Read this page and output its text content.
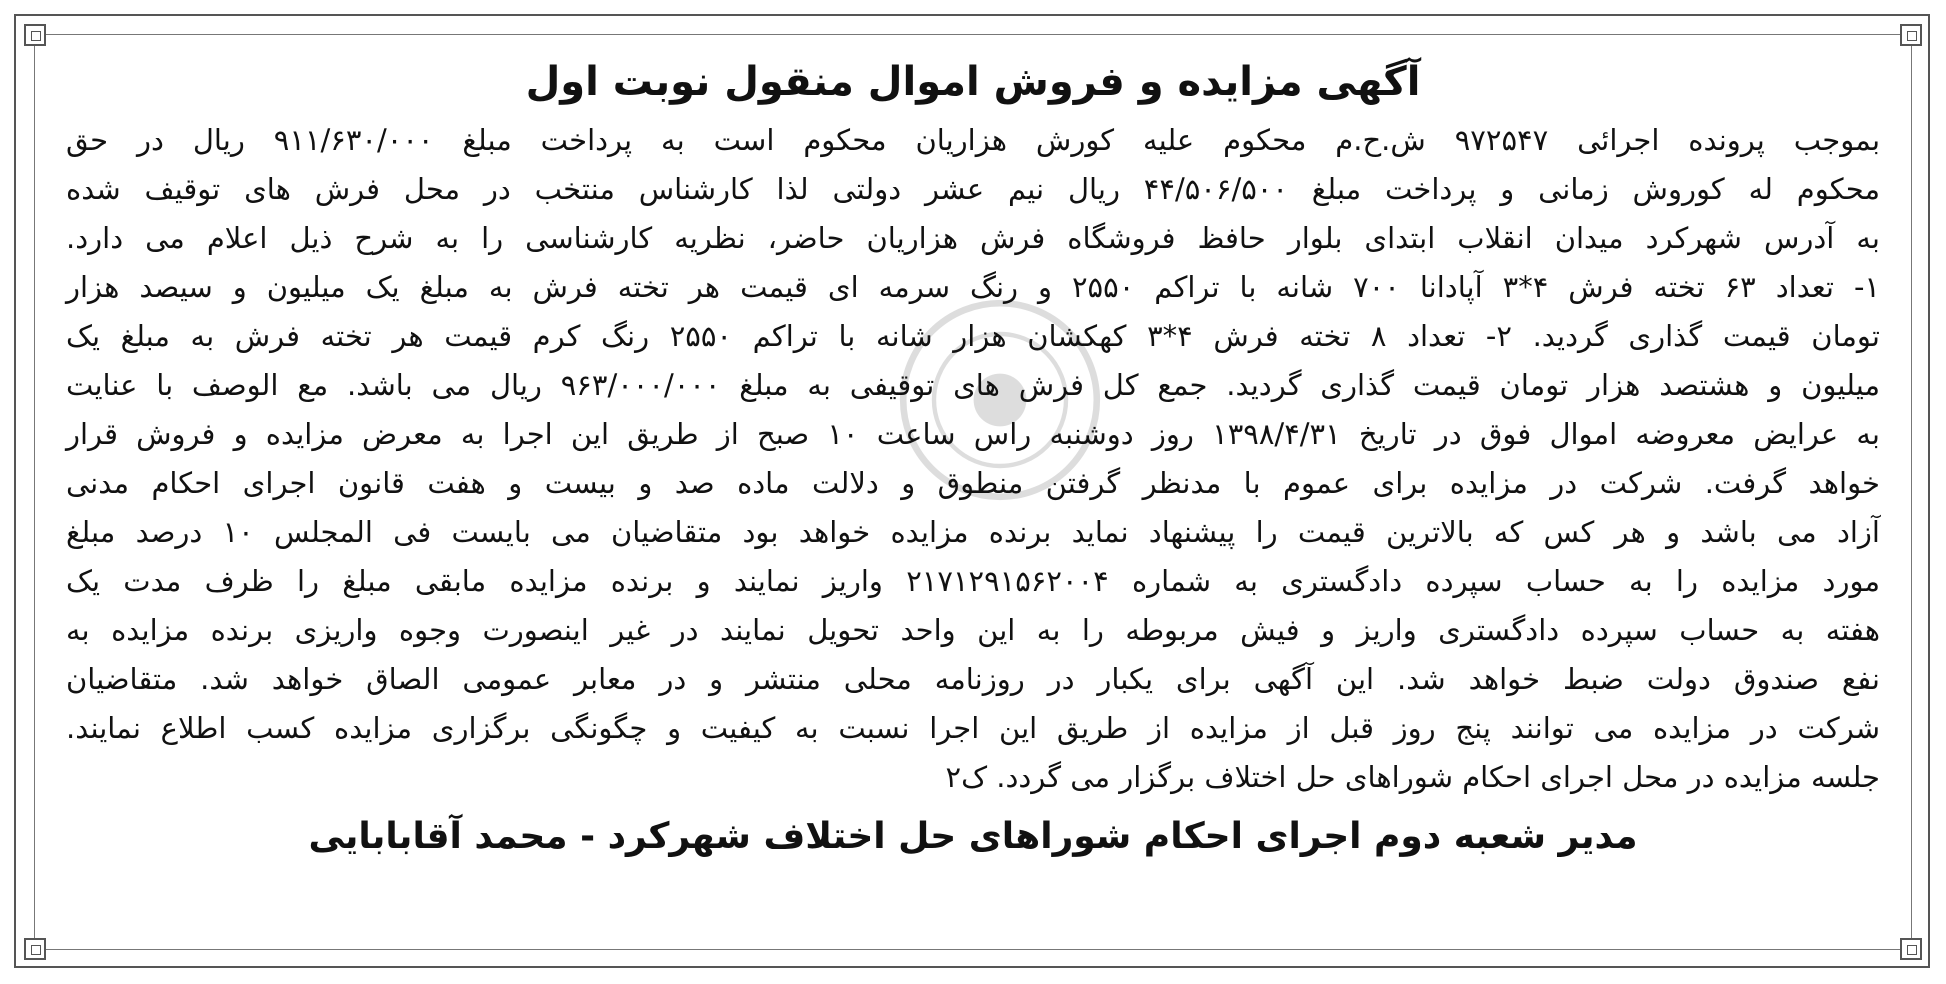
آگهی مزایده و فروش اموال منقول نوبت اول
بموجب پرونده اجرائی ۹۷۲۵۴۷ ش.ح.م محکوم علیه کورش هزاریان محکوم است به پرداخت مبلغ ۹۱۱/۶۳۰/۰۰۰ ریال در حق
محکوم له کوروش زمانی و پرداخت مبلغ ۴۴/۵۰۶/۵۰۰ ریال نیم عشر دولتی لذا کارشناس منتخب در محل فرش های توقیف شده
به آدرس شهرکرد میدان انقلاب ابتدای بلوار حافظ فروشگاه فرش هزاریان حاضر، نظریه کارشناسی را به شرح ذیل اعلام می دارد.
۱- تعداد ۶۳ تخته فرش ۴*۳ آپادانا ۷۰۰ شانه با تراکم ۲۵۵۰ و رنگ سرمه ای قیمت هر تخته فرش به مبلغ یک میلیون و سیصد هزار
تومان قیمت گذاری گردید. ۲- تعداد ۸ تخته فرش ۴*۳ کهکشان هزار شانه با تراکم ۲۵۵۰ رنگ کرم قیمت هر تخته فرش به مبلغ یک
میلیون و هشتصد هزار تومان قیمت گذاری گردید. جمع کل فرش های توقیفی به مبلغ ۹۶۳/۰۰۰/۰۰۰ ریال می باشد. مع الوصف با عنایت
به عرایض معروضه اموال فوق در تاریخ ۱۳۹۸/۴/۳۱ روز دوشنبه راس ساعت ۱۰ صبح از طریق این اجرا به معرض مزایده و فروش قرار
خواهد گرفت. شرکت در مزایده برای عموم با مدنظر گرفتن منطوق و دلالت ماده صد و بیست و هفت قانون اجرای احکام مدنی
آزاد می باشد و هر کس که بالاترین قیمت را پیشنهاد نماید برنده مزایده خواهد بود متقاضیان می بایست فی المجلس ۱۰ درصد مبلغ
مورد مزایده را به حساب سپرده دادگستری به شماره ۲۱۷۱۲۹۱۵۶۲۰۰۴ واریز نمایند و برنده مزایده مابقی مبلغ را ظرف مدت یک
هفته به حساب سپرده دادگستری واریز و فیش مربوطه را به این واحد تحویل نمایند در غیر اینصورت وجوه واریزی برنده مزایده به
نفع صندوق دولت ضبط خواهد شد. این آگهی برای یکبار در روزنامه محلی منتشر و در معابر عمومی الصاق خواهد شد. متقاضیان
شرکت در مزایده می توانند پنج روز قبل از مزایده از طریق این اجرا نسبت به کیفیت و چگونگی برگزاری مزایده کسب اطلاع نمایند.
جلسه مزایده در محل اجرای احکام شوراهای حل اختلاف برگزار می گردد. ک۲
مدیر شعبه دوم اجرای احکام شوراهای حل اختلاف شهرکرد - محمد آقابابایی
